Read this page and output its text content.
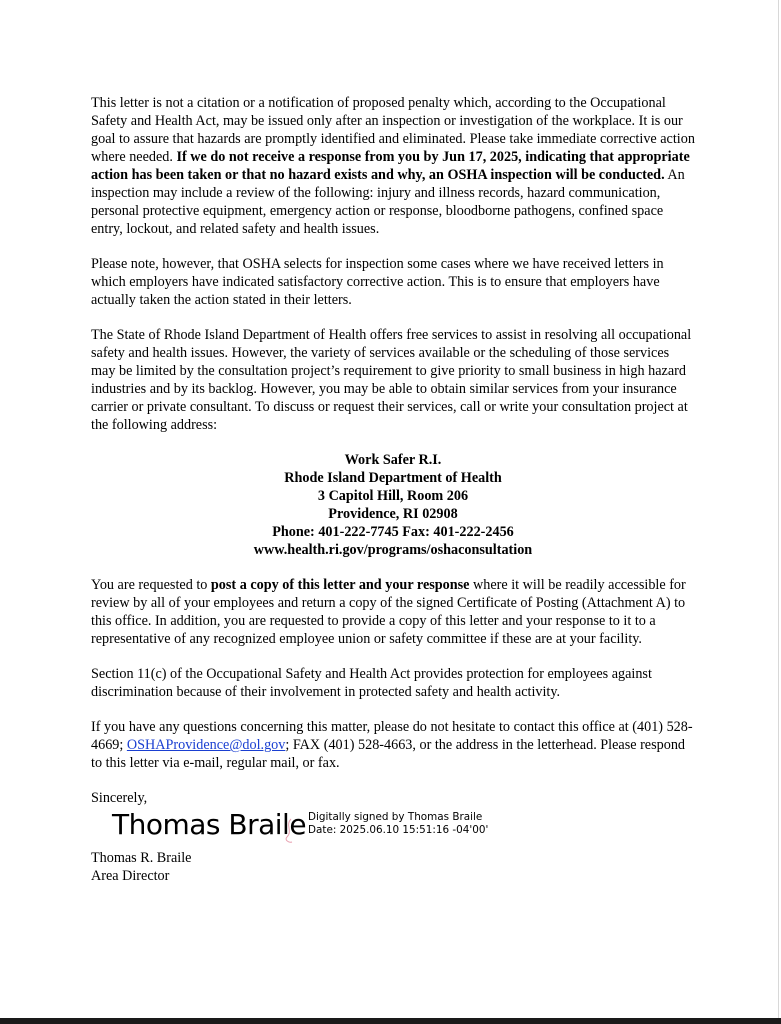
This letter is not a citation or a notification of proposed penalty which, according to the Occupational Safety and Health Act, may be issued only after an inspection or investigation of the workplace. It is our goal to assure that hazards are promptly identified and eliminated. Please take immediate corrective action where needed. If we do not receive a response from you by Jun 17, 2025, indicating that appropriate action has been taken or that no hazard exists and why, an OSHA inspection will be conducted. An inspection may include a review of the following: injury and illness records, hazard communication, personal protective equipment, emergency action or response, bloodborne pathogens, confined space entry, lockout, and related safety and health issues.

Please note, however, that OSHA selects for inspection some cases where we have received letters in which employers have indicated satisfactory corrective action. This is to ensure that employers have actually taken the action stated in their letters.

The State of Rhode Island Department of Health offers free services to assist in resolving all occupational safety and health issues. However, the variety of services available or the scheduling of those services may be limited by the consultation project’s requirement to give priority to small business in high hazard industries and by its backlog. However, you may be able to obtain similar services from your insurance carrier or private consultant. To discuss or request their services, call or write your consultation project at the following address:

Work Safer R.I.
Rhode Island Department of Health
3 Capitol Hill, Room 206
Providence, RI 02908
Phone: 401-222-7745 Fax: 401-222-2456
www.health.ri.gov/programs/oshaconsultation

You are requested to post a copy of this letter and your response where it will be readily accessible for review by all of your employees and return a copy of the signed Certificate of Posting (Attachment A) to this office. In addition, you are requested to provide a copy of this letter and your response to it to a representative of any recognized employee union or safety committee if these are at your facility.

Section 11(c) of the Occupational Safety and Health Act provides protection for employees against discrimination because of their involvement in protected safety and health activity.

If you have any questions concerning this matter, please do not hesitate to contact this office at (401) 528-4669; OSHAProvidence@dol.gov; FAX (401) 528-4663, or the address in the letterhead. Please respond to this letter via e-mail, regular mail, or fax.

Sincerely,

Thomas Braile Digitally signed by Thomas Braile
Date: 2025.06.10 15:51:16 -04'00'

Thomas R. Braile

Area Director
